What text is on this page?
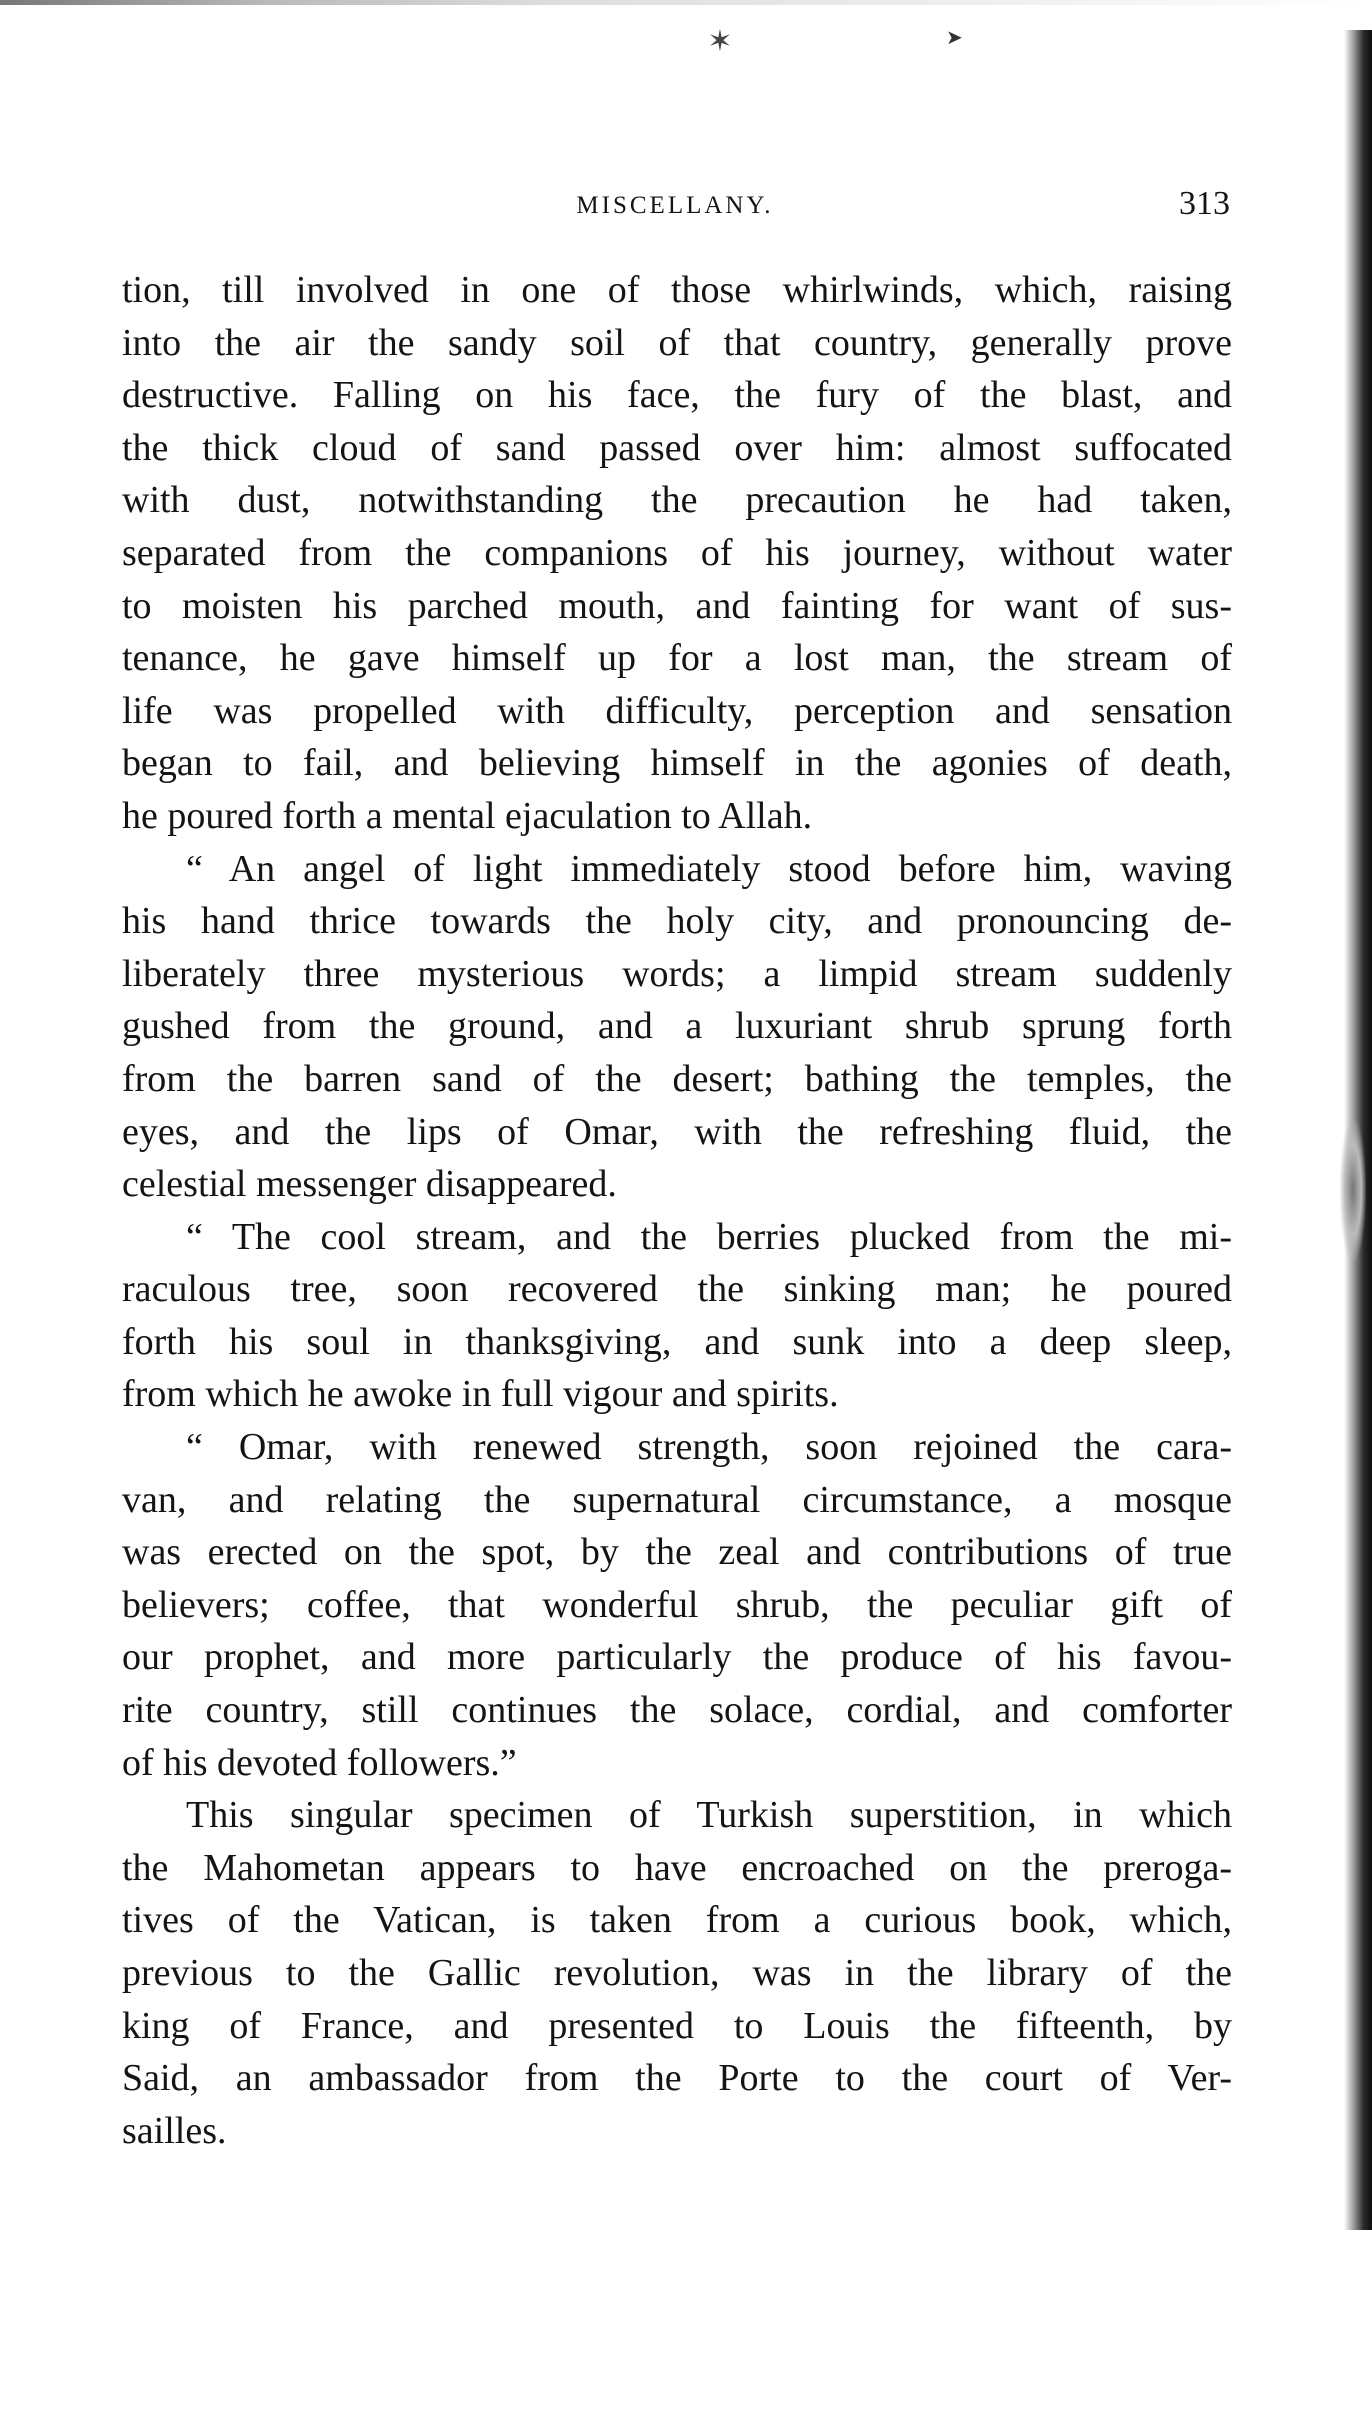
✶	➤
MISCELLANY.	313
tion, till involved in one of those whirlwinds, which, raising
into the air the sandy soil of that country, generally prove
destructive. Falling on his face, the fury of the blast, and
the thick cloud of sand passed over him: almost suffocated
with dust, notwithstanding the precaution he had taken,
separated from the companions of his journey, without water
to moisten his parched mouth, and fainting for want of sus-
tenance, he gave himself up for a lost man, the stream of
life was propelled with difficulty, perception and sensation
began to fail, and believing himself in the agonies of death,
he poured forth a mental ejaculation to Allah.
“ An angel of light immediately stood before him, waving
his hand thrice towards the holy city, and pronouncing de-
liberately three mysterious words; a limpid stream suddenly
gushed from the ground, and a luxuriant shrub sprung forth
from the barren sand of the desert; bathing the temples, the
eyes, and the lips of Omar, with the refreshing fluid, the
celestial messenger disappeared.
“ The cool stream, and the berries plucked from the mi-
raculous tree, soon recovered the sinking man; he poured
forth his soul in thanksgiving, and sunk into a deep sleep,
from which he awoke in full vigour and spirits.
“ Omar, with renewed strength, soon rejoined the cara-
van, and relating the supernatural circumstance, a mosque
was erected on the spot, by the zeal and contributions of true
believers; coffee, that wonderful shrub, the peculiar gift of
our prophet, and more particularly the produce of his favou-
rite country, still continues the solace, cordial, and comforter
of his devoted followers.”
This singular specimen of Turkish superstition, in which
the Mahometan appears to have encroached on the preroga-
tives of the Vatican, is taken from a curious book, which,
previous to the Gallic revolution, was in the library of the
king of France, and presented to Louis the fifteenth, by
Said, an ambassador from the Porte to the court of Ver-
sailles.
